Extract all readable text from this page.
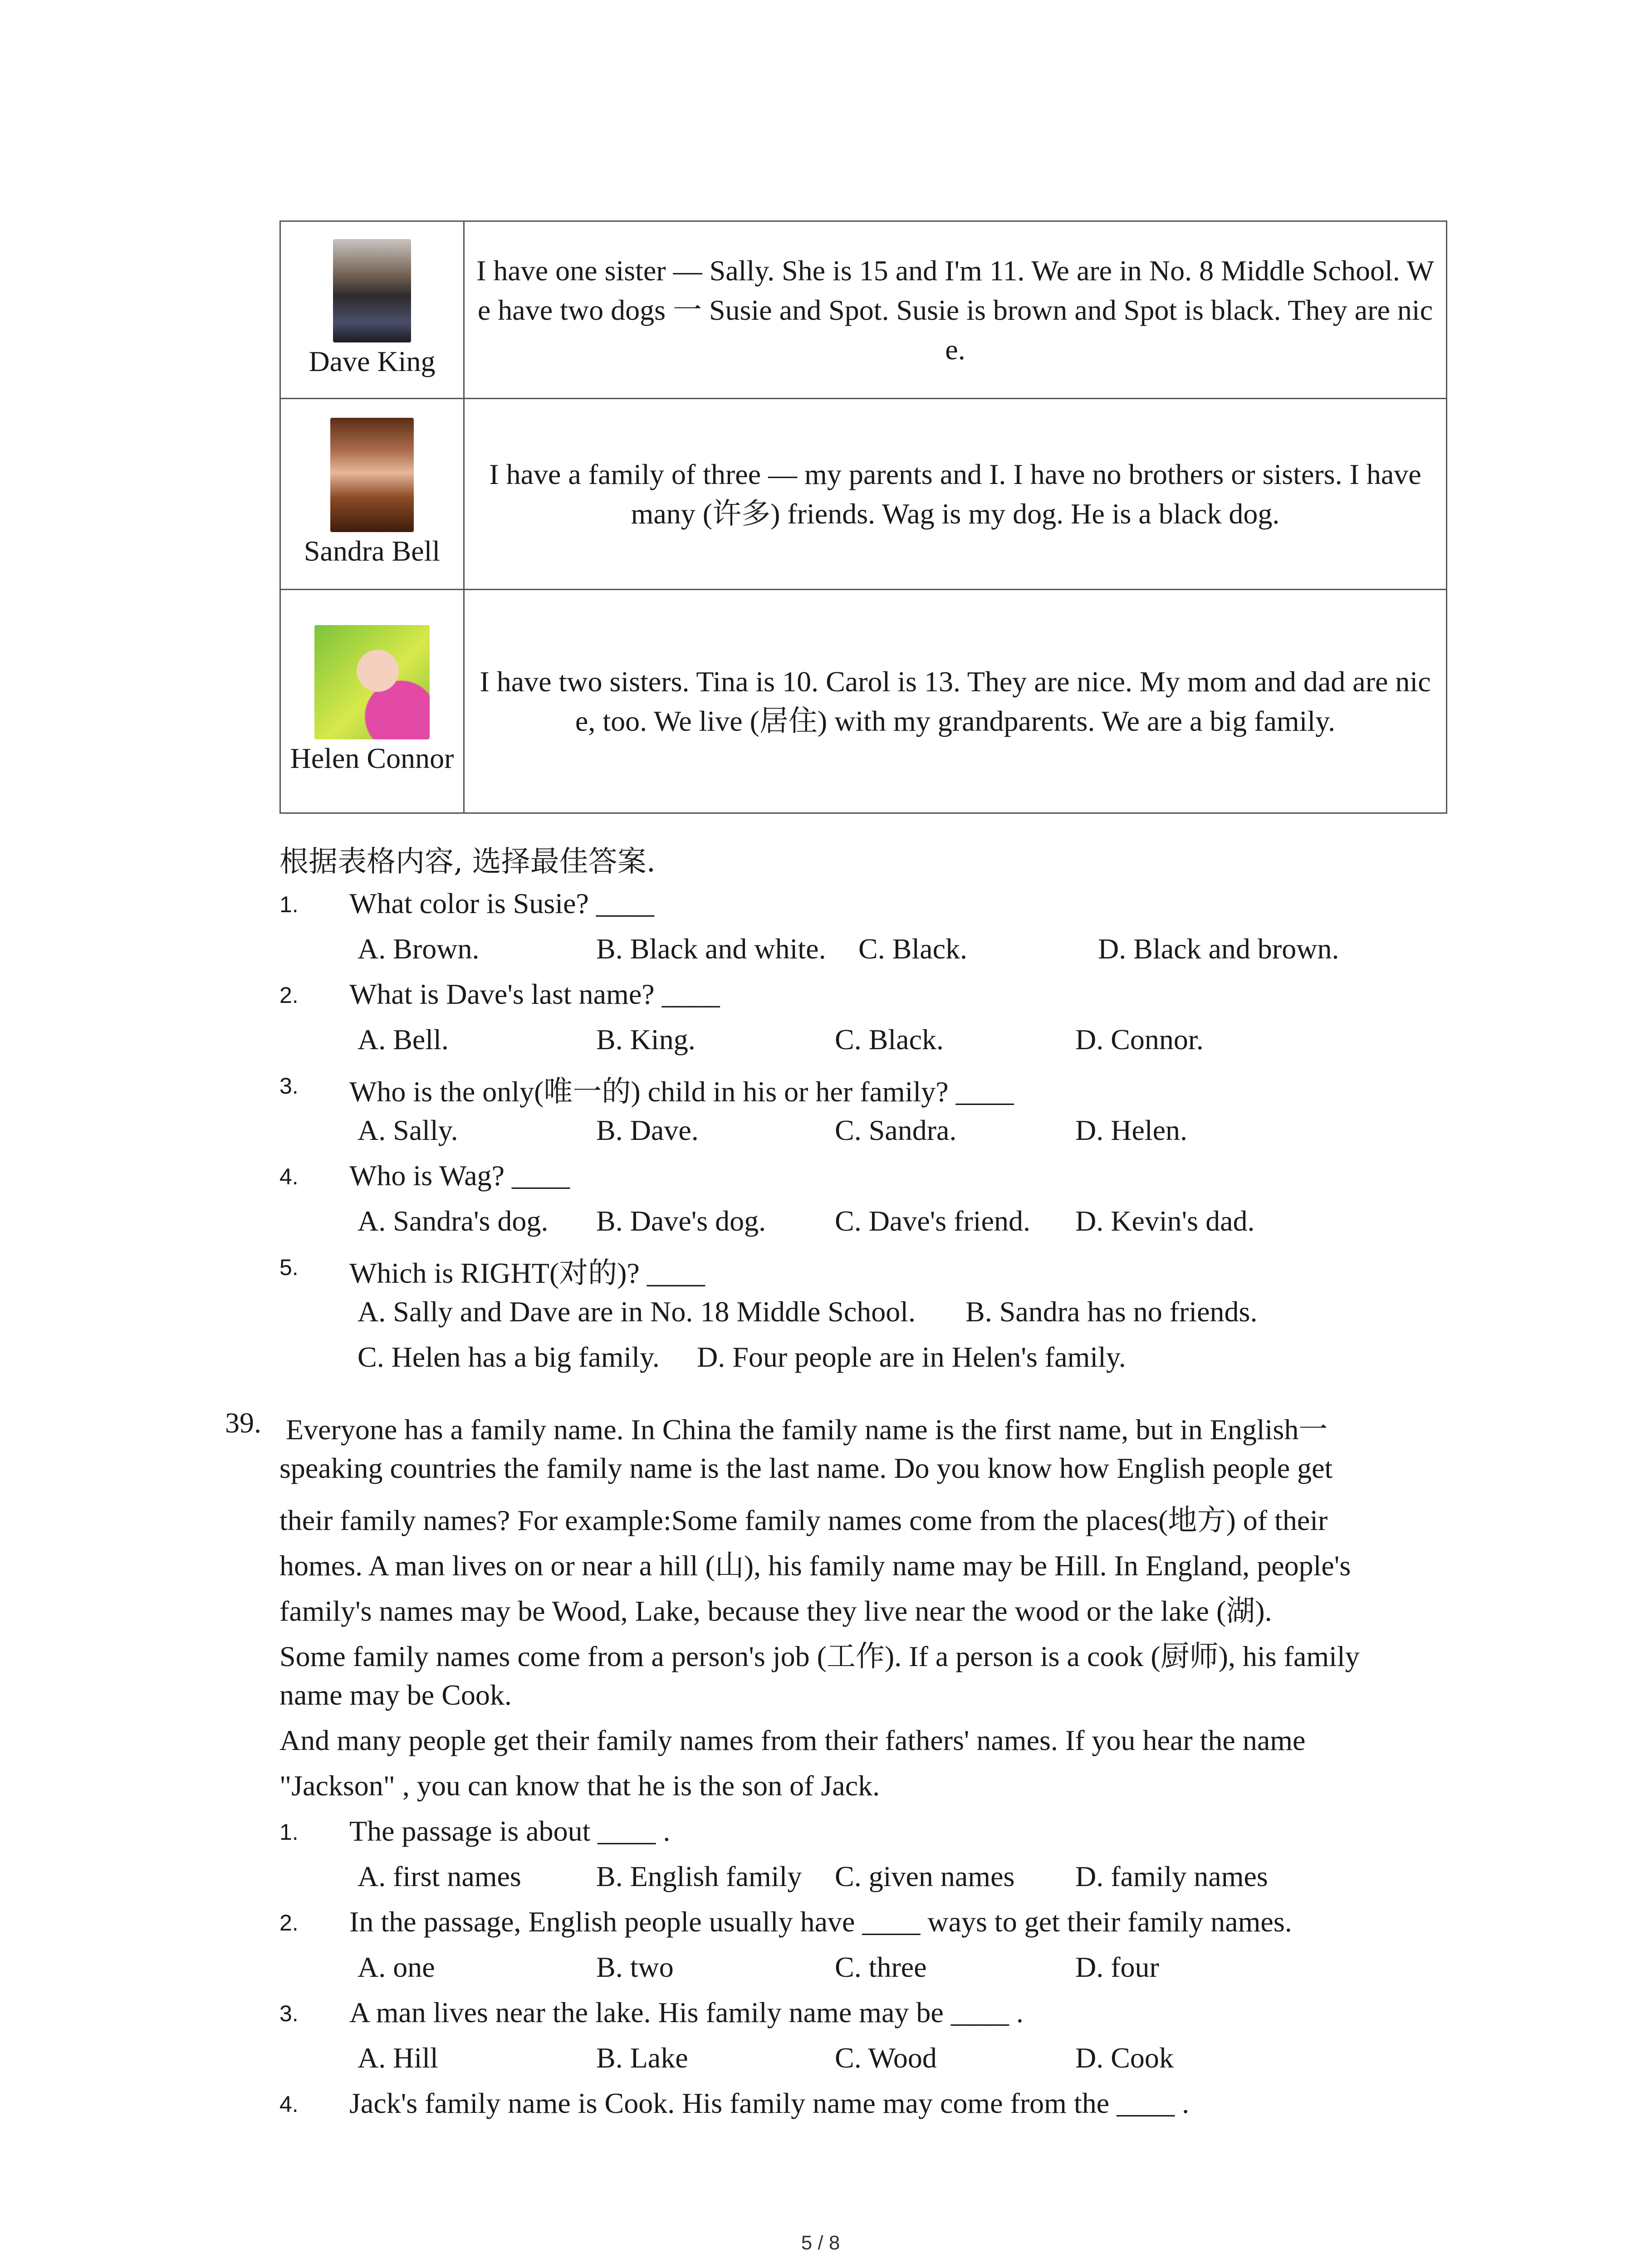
Dave King	I have one sister — Sally. She is 15 and I'm 11. We are in No. 8 Middle School. We have two dogs 一 Susie and Spot. Susie is brown and Spot is black. They are nice.

Sandra Bell	I have a family of three — my parents and I. I have no brothers or sisters. I have many (许多) friends. Wag is my dog. He is a black dog.

Helen Connor	I have two sisters. Tina is 10. Carol is 13. They are nice. My mom and dad are nice, too. We live (居住) with my grandparents. We are a big family.
根据表格内容, 选择最佳答案.
1. What color is Susie? ____
A. Brown.	B. Black and white. C. Black.	D. Black and brown.
2. What is Dave's last name? ____
A. Bell.	B. King.	C. Black.	D. Connor.
3. Who is the only(唯一的) child in his or her family? ____
A. Sally.	B. Dave.	C. Sandra.	D. Helen.
4. Who is Wag? ____
A. Sandra's dog. B. Dave's dog. C. Dave's friend. D. Kevin's dad.
5. Which is RIGHT(对的)? ____
A. Sally and Dave are in No. 18 Middle School. B. Sandra has no friends.
C. Helen has a big family. D. Four people are in Helen's family.
39. Everyone has a family name. In China the family name is the first name, but in English一
speaking countries the family name is the last name. Do you know how English people get
their family names? For example:Some family names come from the places(地方) of their
homes. A man lives on or near a hill (山), his family name may be Hill. In England, people's
family's names may be Wood, Lake, because they live near the wood or the lake (湖).
Some family names come from a person's job (工作). If a person is a cook (厨师), his family
name may be Cook.
And many people get their family names from their fathers' names. If you hear the name
"Jackson" , you can know that he is the son of Jack.
1. The passage is about ____ .
A. first names	B. English family C. given names D. family names
2. In the passage, English people usually have ____ ways to get their family names.
A. one	B. two	C. three	D. four
3. A man lives near the lake. His family name may be ____ .
A. Hill	B. Lake	C. Wood	D. Cook
4. Jack's family name is Cook. His family name may come from the ____ .
5 / 8
